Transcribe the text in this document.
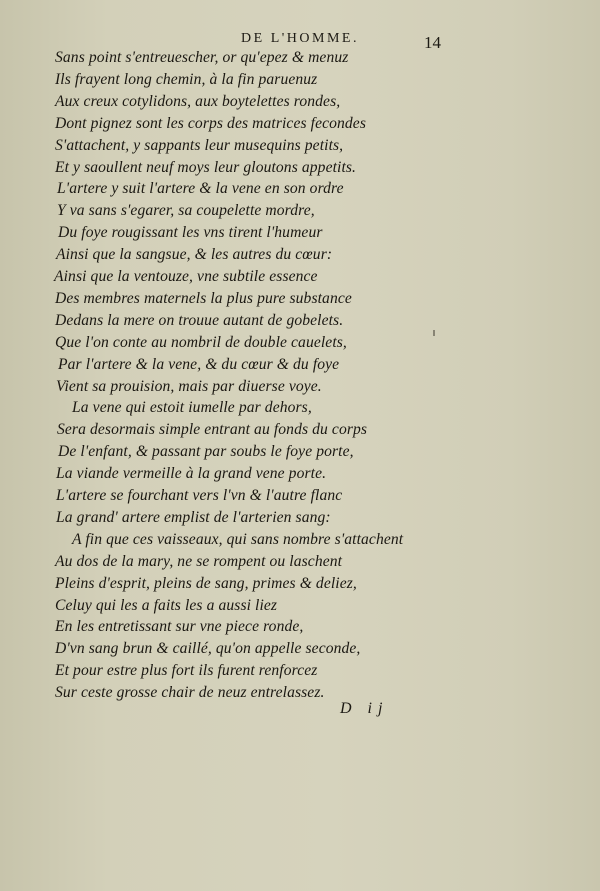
DE L'HOMME.	14
Sans point s'entreuescher, or qu'epez & menuz
Ils frayent long chemin, à la fin paruenuz
Aux creux cotylidons, aux boytelettes rondes,
Dont pignez sont les corps des matrices fecondes
S'attachent, y sappants leur musequins petits,
Et y saoullent neuf moys leur gloutons appetits.
L'artere y suit l'artere & la vene en son ordre
Y va sans s'egarer, sa coupelette mordre,
Du foye rougissant les vns tirent l'humeur
Ainsi que la sangsue, & les autres du cœur:
Ainsi que la ventouze, vne subtile essence
Des membres maternels la plus pure substance
Dedans la mere on trouue autant de gobelets.
Que l'on conte au nombril de double cauelets,
Par l'artere & la vene, & du cœur & du foye
Vient sa prouision, mais par diuerse voye.
La vene qui estoit iumelle par dehors,
Sera desormais simple entrant au fonds du corps
De l'enfant, & passant par soubs le foye porte,
La viande vermeille à la grand vene porte.
L'artere se fourchant vers l'vn & l'autre flanc
La grand' artere emplist de l'arterien sang:
A fin que ces vaisseaux, qui sans nombre s'attachent
Au dos de la mary, ne se rompent ou laschent
Pleins d'esprit, pleins de sang, primes & deliez,
Celuy qui les a faits les a aussi liez
En les entretissant sur vne piece ronde,
D'vn sang brun & caillé, qu'on appelle seconde,
Et pour estre plus fort ils furent renforcez
Sur ceste grosse chair de neuz entrelassez.
D ij
